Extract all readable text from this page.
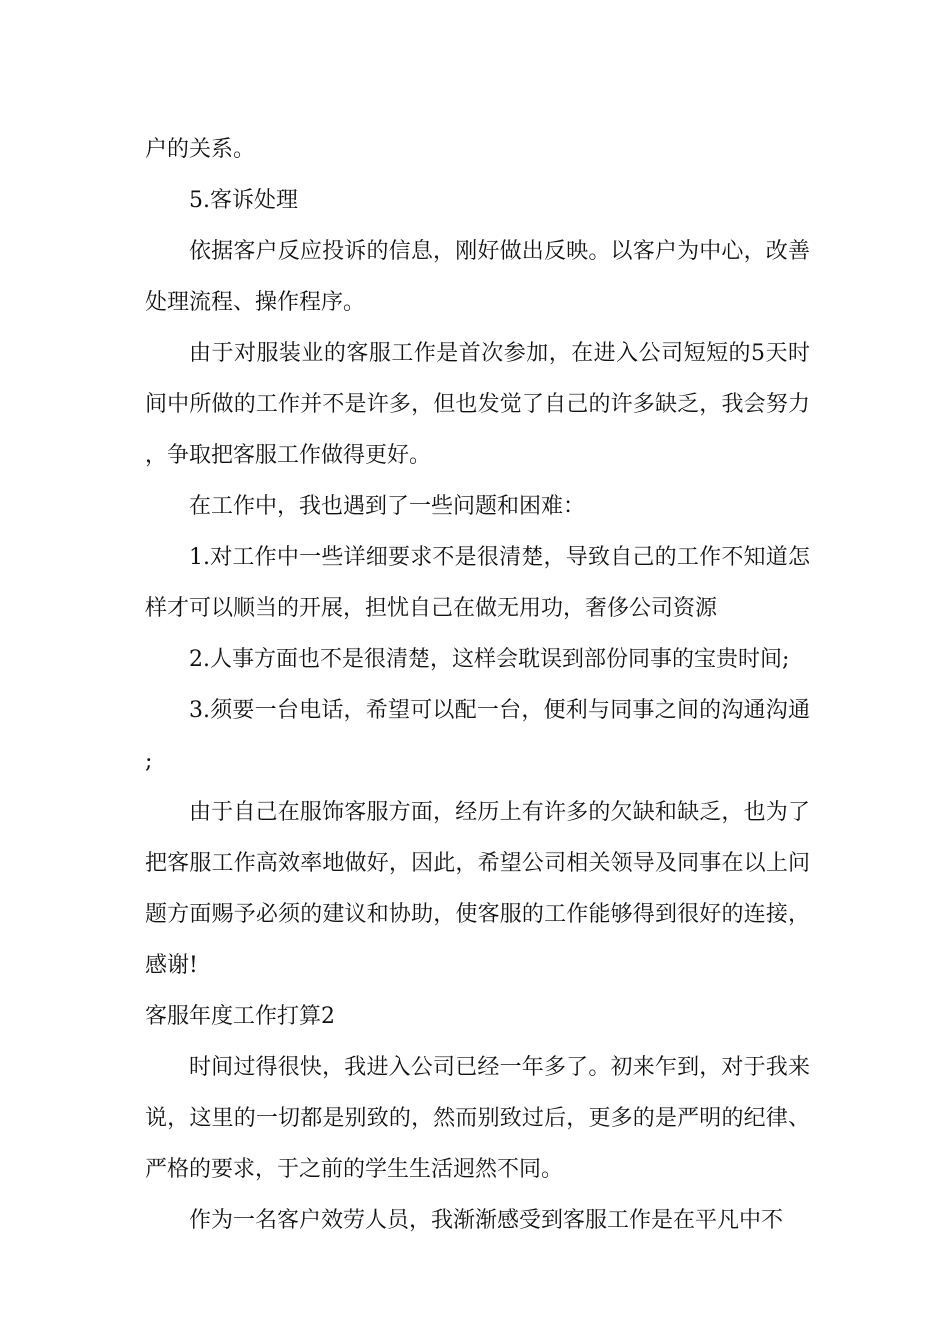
户的关系。

5.客诉处理

依据客户反应投诉的信息，刚好做出反映。以客户为中心，改善处理流程、操作程序。

由于对服装业的客服工作是首次参加，在进入公司短短的5天时间中所做的工作并不是许多，但也发觉了自己的许多缺乏，我会努力，争取把客服工作做得更好。

在工作中，我也遇到了一些问题和困难：

1.对工作中一些详细要求不是很清楚，导致自己的工作不知道怎样才可以顺当的开展，担忧自己在做无用功，奢侈公司资源

2.人事方面也不是很清楚，这样会耽误到部份同事的宝贵时间;

3.须要一台电话，希望可以配一台，便利与同事之间的沟通沟通;

由于自己在服饰客服方面，经历上有许多的欠缺和缺乏，也为了把客服工作高效率地做好，因此，希望公司相关领导及同事在以上问题方面赐予必须的建议和协助，使客服的工作能够得到很好的连接，感谢!

客服年度工作打算2

时间过得很快，我进入公司已经一年多了。初来乍到，对于我来说，这里的一切都是别致的，然而别致过后，更多的是严明的纪律、严格的要求，于之前的学生生活迥然不同。

作为一名客户效劳人员，我渐渐感受到客服工作是在平凡中不
